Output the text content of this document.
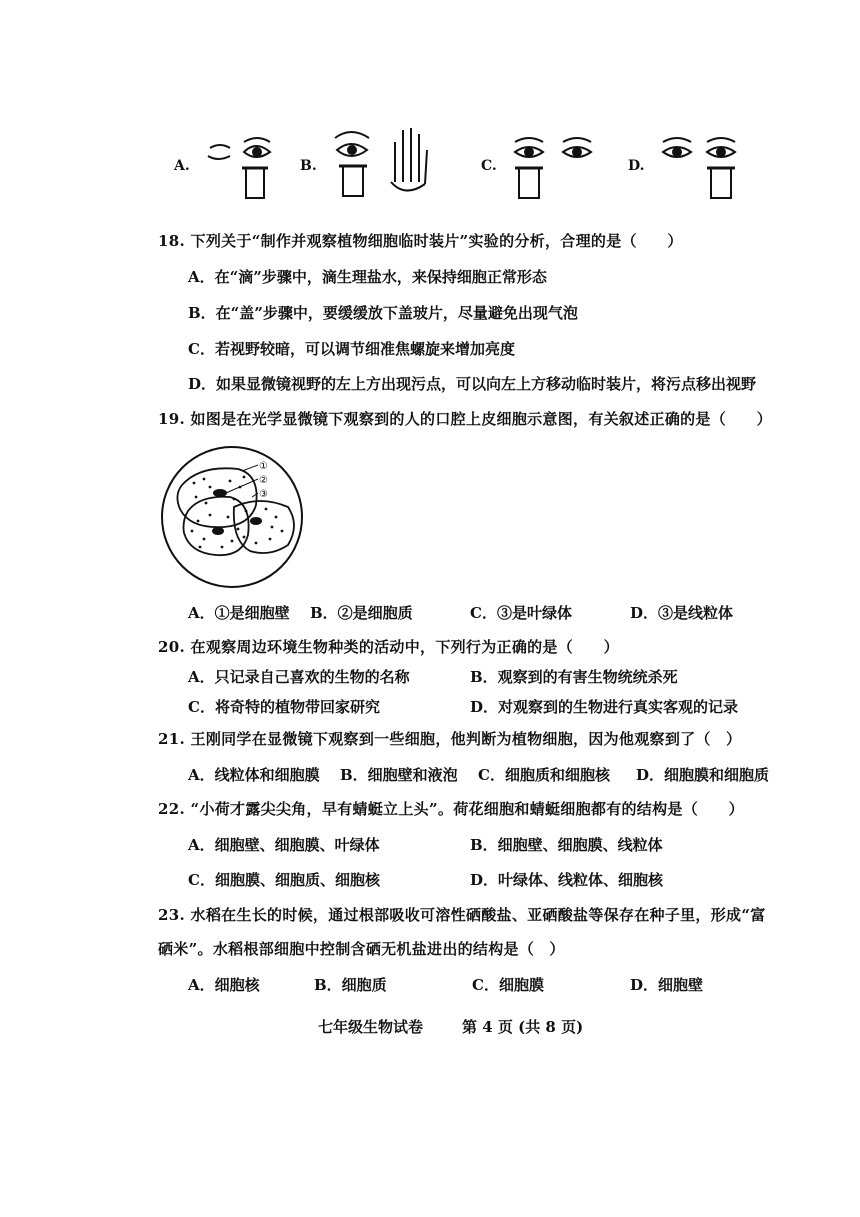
A.	B.	C.	D.
18. 下列关于“制作并观察植物细胞临时装片”实验的分析，合理的是（　　）
A．在“滴”步骤中，滴生理盐水，来保持细胞正常形态
B．在“盖”步骤中，要缓缓放下盖玻片，尽量避免出现气泡
C．若视野较暗，可以调节细准焦螺旋来增加亮度
D．如果显微镜视野的左上方出现污点，可以向左上方移动临时装片，将污点移出视野
19. 如图是在光学显微镜下观察到的人的口腔上皮细胞示意图，有关叙述正确的是（　　）
①
②
③
A．①是细胞壁 B．②是细胞质	C．③是叶绿体	D．③是线粒体
20. 在观察周边环境生物种类的活动中，下列行为正确的是（　　）
A．只记录自己喜欢的生物的名称	B．观察到的有害生物统统杀死
C．将奇特的植物带回家研究	D．对观察到的生物进行真实客观的记录
21. 王刚同学在显微镜下观察到一些细胞，他判断为植物细胞，因为他观察到了（　）
A．线粒体和细胞膜 B．细胞壁和液泡 C．细胞质和细胞核 D．细胞膜和细胞质
22. “小荷才露尖尖角，早有蜻蜓立上头”。荷花细胞和蜻蜓细胞都有的结构是（　　）
A．细胞壁、细胞膜、叶绿体	B．细胞壁、细胞膜、线粒体
C．细胞膜、细胞质、细胞核	D．叶绿体、线粒体、细胞核
23. 水稻在生长的时候，通过根部吸收可溶性硒酸盐、亚硒酸盐等保存在种子里，形成“富
硒米”。水稻根部细胞中控制含硒无机盐进出的结构是（　）
A．细胞核	B．细胞质	C．细胞膜	D．细胞壁
七年级生物试卷	第 4 页 (共 8 页)
